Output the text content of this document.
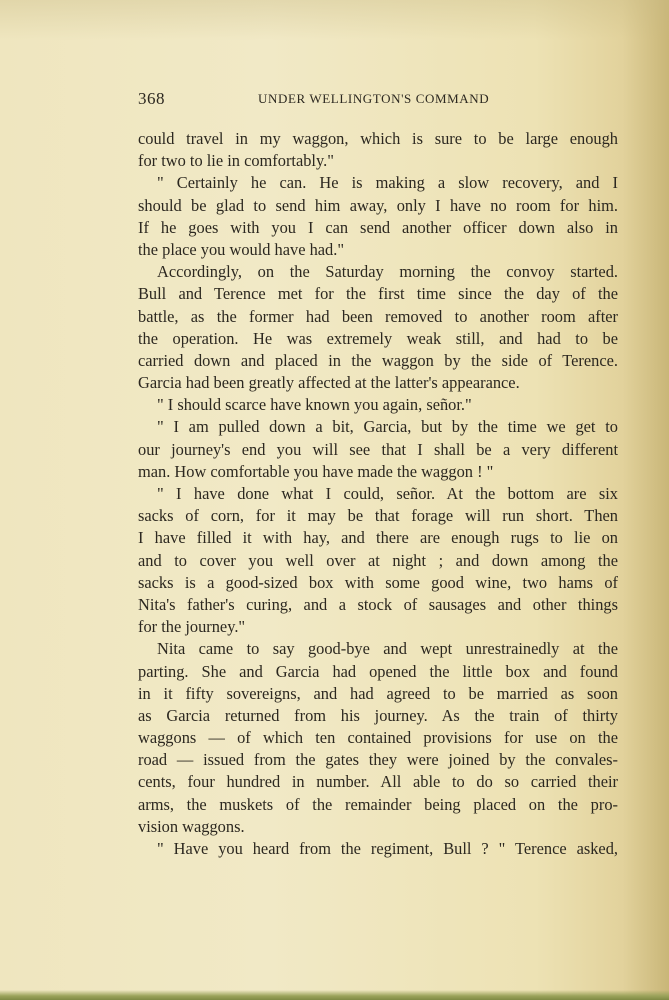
368	UNDER WELLINGTON'S COMMAND
could travel in my waggon, which is sure to be large enough
for two to lie in comfortably."
" Certainly he can. He is making a slow recovery, and I
should be glad to send him away, only I have no room for him.
If he goes with you I can send another officer down also in
the place you would have had."
Accordingly, on the Saturday morning the convoy started.
Bull and Terence met for the first time since the day of the
battle, as the former had been removed to another room after
the operation. He was extremely weak still, and had to be
carried down and placed in the waggon by the side of Terence.
Garcia had been greatly affected at the latter's appearance.
" I should scarce have known you again, señor."
" I am pulled down a bit, Garcia, but by the time we get to
our journey's end you will see that I shall be a very different
man. How comfortable you have made the waggon ! "
" I have done what I could, señor. At the bottom are six
sacks of corn, for it may be that forage will run short. Then
I have filled it with hay, and there are enough rugs to lie on
and to cover you well over at night ; and down among the
sacks is a good-sized box with some good wine, two hams of
Nita's father's curing, and a stock of sausages and other things
for the journey."
Nita came to say good-bye and wept unrestrainedly at the
parting. She and Garcia had opened the little box and found
in it fifty sovereigns, and had agreed to be married as soon
as Garcia returned from his journey. As the train of thirty
waggons — of which ten contained provisions for use on the
road — issued from the gates they were joined by the convales-
cents, four hundred in number. All able to do so carried their
arms, the muskets of the remainder being placed on the pro-
vision waggons.
" Have you heard from the regiment, Bull ? " Terence asked,
